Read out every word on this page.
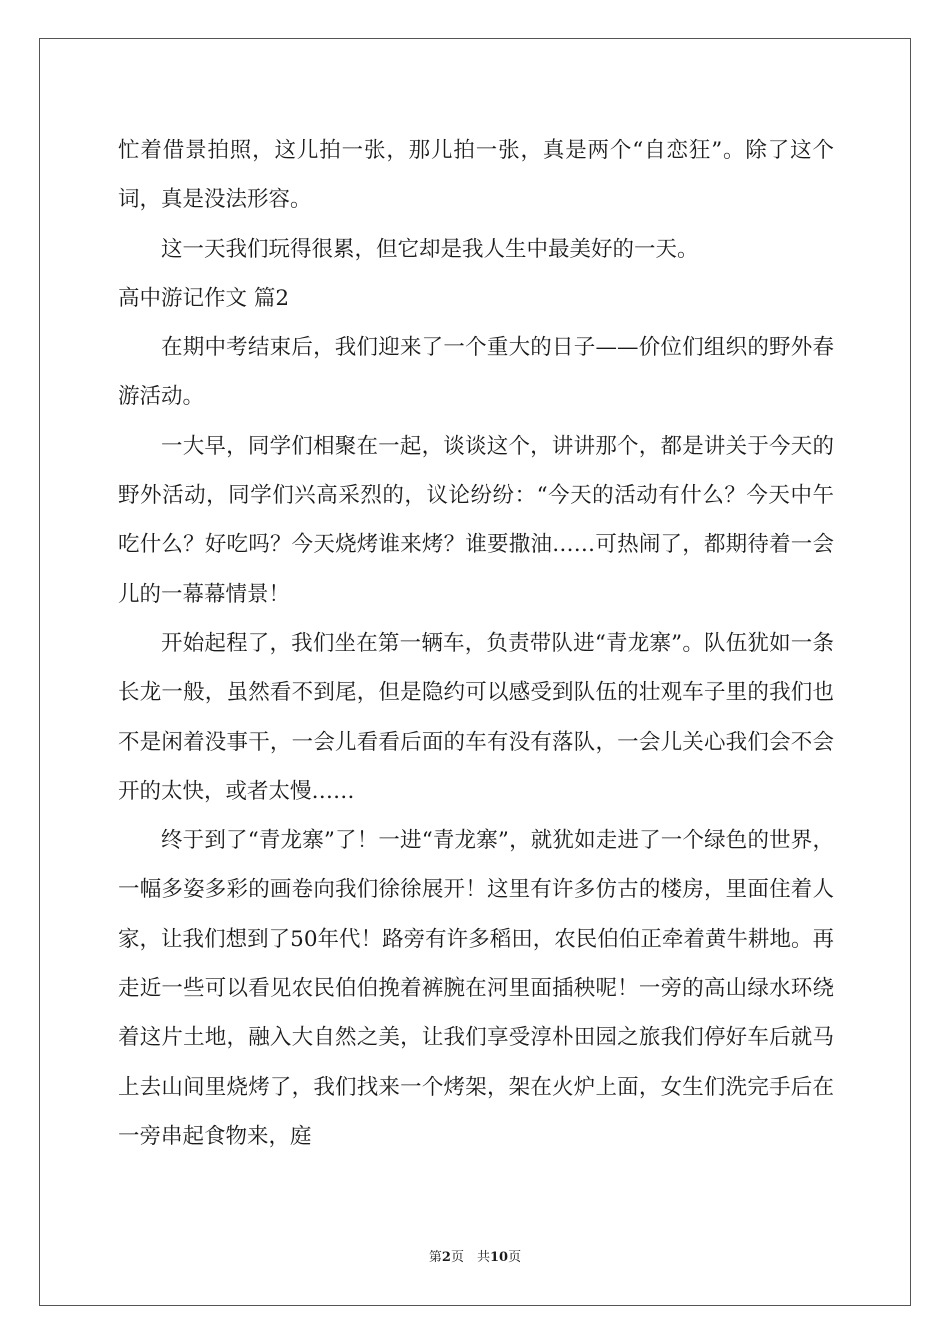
忙着借景拍照，这儿拍一张，那儿拍一张，真是两个“自恋狂”。除了这个词，真是没法形容。

这一天我们玩得很累，但它却是我人生中最美好的一天。

高中游记作文 篇2

在期中考结束后，我们迎来了一个重大的日子——价位们组织的野外春游活动。

一大早，同学们相聚在一起，谈谈这个，讲讲那个，都是讲关于今天的野外活动，同学们兴高采烈的，议论纷纷：“今天的活动有什么？今天中午吃什么？好吃吗？今天烧烤谁来烤？谁要撒油……可热闹了，都期待着一会儿的一幕幕情景！

开始起程了，我们坐在第一辆车，负责带队进“青龙寨”。队伍犹如一条长龙一般，虽然看不到尾，但是隐约可以感受到队伍的壮观车子里的我们也不是闲着没事干，一会儿看看后面的车有没有落队，一会儿关心我们会不会开的太快，或者太慢……

终于到了“青龙寨”了！一进“青龙寨”，就犹如走进了一个绿色的世界，一幅多姿多彩的画卷向我们徐徐展开！这里有许多仿古的楼房，里面住着人家，让我们想到了50年代！路旁有许多稻田，农民伯伯正牵着黄牛耕地。再走近一些可以看见农民伯伯挽着裤腕在河里面插秧呢！一旁的高山绿水环绕着这片土地，融入大自然之美，让我们享受淳朴田园之旅我们停好车后就马上去山间里烧烤了，我们找来一个烤架，架在火炉上面，女生们洗完手后在一旁串起食物来，庭

第2页　共10页
